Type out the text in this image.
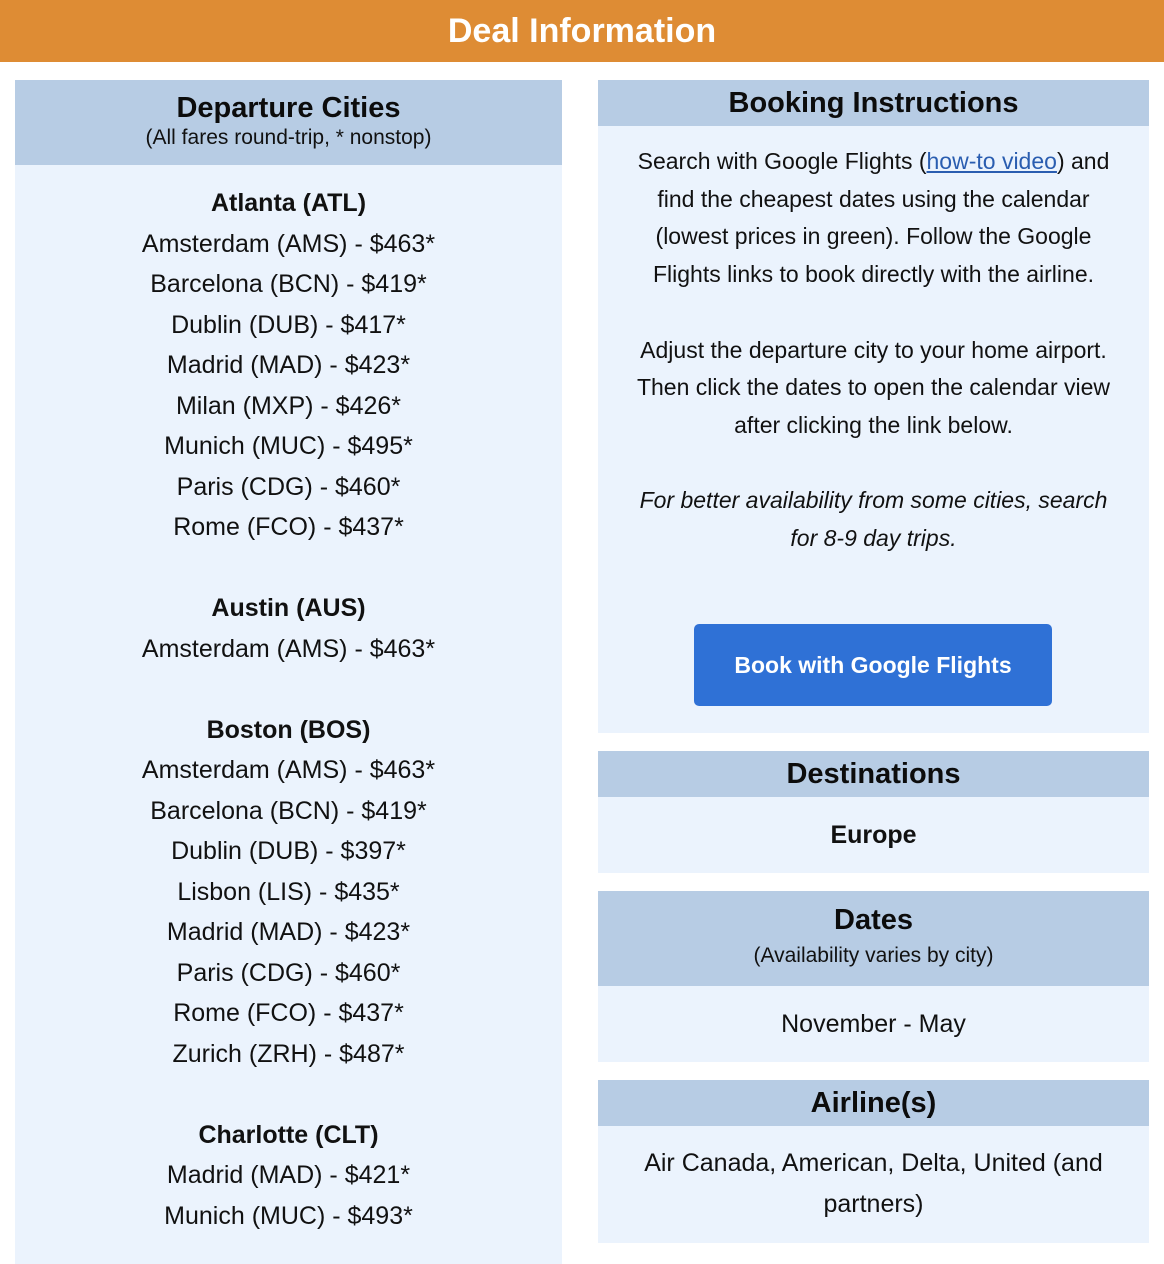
Deal Information
Departure Cities
(All fares round-trip, * nonstop)
Atlanta (ATL)
Amsterdam (AMS) - $463*
Barcelona (BCN) - $419*
Dublin (DUB) - $417*
Madrid (MAD) - $423*
Milan (MXP) - $426*
Munich (MUC) - $495*
Paris (CDG) - $460*
Rome (FCO) - $437*
Austin (AUS)
Amsterdam (AMS) - $463*
Boston (BOS)
Amsterdam (AMS) - $463*
Barcelona (BCN) - $419*
Dublin (DUB) - $397*
Lisbon (LIS) - $435*
Madrid (MAD) - $423*
Paris (CDG) - $460*
Rome (FCO) - $437*
Zurich (ZRH) - $487*
Charlotte (CLT)
Madrid (MAD) - $421*
Munich (MUC) - $493*
Booking Instructions

Search with Google Flights (how-to video) and find the cheapest dates using the calendar (lowest prices in green). Follow the Google Flights links to book directly with the airline.

Adjust the departure city to your home airport. Then click the dates to open the calendar view after clicking the link below.

For better availability from some cities, search for 8-9 day trips.

Book with Google Flights
Destinations
Europe
Dates
(Availability varies by city)
November - May
Airline(s)
Air Canada, American, Delta, United (and partners)
